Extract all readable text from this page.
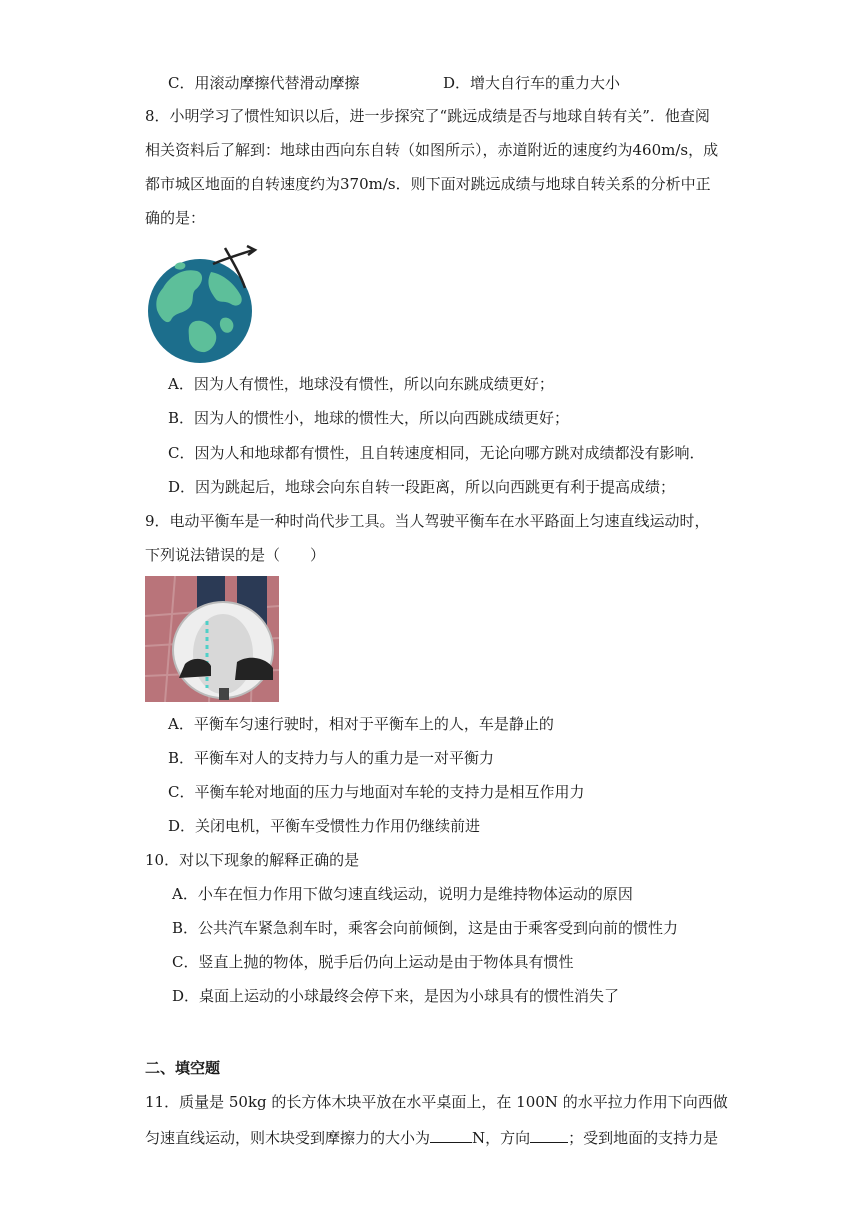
C．用滚动摩擦代替滑动摩擦	D．增大自行车的重力大小
8．小明学习了惯性知识以后，进一步探究了“跳远成绩是否与地球自转有关”．他查阅
相关资料后了解到：地球由西向东自转（如图所示），赤道附近的速度约为460m/s，成
都市城区地面的自转速度约为370m/s．则下面对跳远成绩与地球自转关系的分析中正
确的是：
A．因为人有惯性，地球没有惯性，所以向东跳成绩更好；
B．因为人的惯性小，地球的惯性大，所以向西跳成绩更好；
C．因为人和地球都有惯性，且自转速度相同，无论向哪方跳对成绩都没有影响．
D．因为跳起后，地球会向东自转一段距离，所以向西跳更有利于提高成绩；
9．电动平衡车是一种时尚代步工具。当人驾驶平衡车在水平路面上匀速直线运动时，
下列说法错误的是（　　）
A．平衡车匀速行驶时，相对于平衡车上的人，车是静止的
B．平衡车对人的支持力与人的重力是一对平衡力
C．平衡车轮对地面的压力与地面对车轮的支持力是相互作用力
D．关闭电机，平衡车受惯性力作用仍继续前进
10．对以下现象的解释正确的是
A．小车在恒力作用下做匀速直线运动，说明力是维持物体运动的原因
B．公共汽车紧急刹车时，乘客会向前倾倒，这是由于乘客受到向前的惯性力
C．竖直上抛的物体，脱手后仍向上运动是由于物体具有惯性
D．桌面上运动的小球最终会停下来，是因为小球具有的惯性消失了
二、填空题
11．质量是 50kg 的长方体木块平放在水平桌面上，在 100N 的水平拉力作用下向西做
匀速直线运动，则木块受到摩擦力的大小为	N，方向	；受到地面的支持力是
